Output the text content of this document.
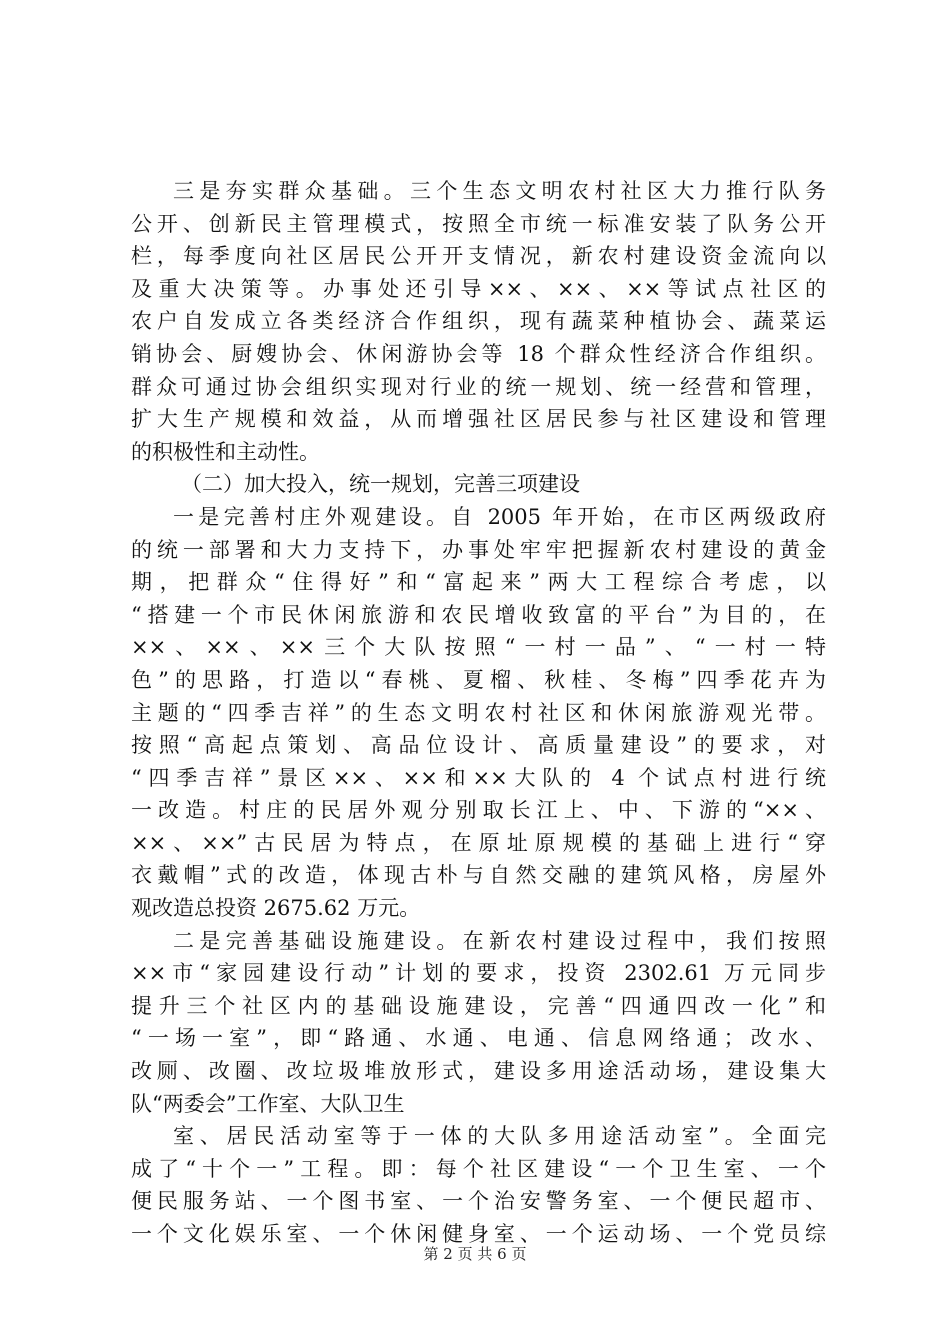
三是夯实群众基础。三个生态文明农村社区大力推行队务
公开、创新民主管理模式，按照全市统一标准安装了队务公开
栏，每季度向社区居民公开开支情况，新农村建设资金流向以
及重大决策等。办事处还引导××、××、××等试点社区的
农户自发成立各类经济合作组织，现有蔬菜种植协会、蔬菜运
销协会、厨嫂协会、休闲游协会等 18 个群众性经济合作组织。
群众可通过协会组织实现对行业的统一规划、统一经营和管理，
扩大生产规模和效益，从而增强社区居民参与社区建设和管理
的积极性和主动性。
（二）加大投入，统一规划，完善三项建设
一是完善村庄外观建设。自 2005 年开始，在市区两级政府
的统一部署和大力支持下，办事处牢牢把握新农村建设的黄金
期，把群众“住得好”和“富起来”两大工程综合考虑，以
“搭建一个市民休闲旅游和农民增收致富的平台”为目的，在
××、××、××三个大队按照“一村一品”、“一村一特
色”的思路，打造以“春桃、夏榴、秋桂、冬梅”四季花卉为
主题的“四季吉祥”的生态文明农村社区和休闲旅游观光带。
按照“高起点策划、高品位设计、高质量建设”的要求，对
“四季吉祥”景区××、××和××大队的 4 个试点村进行统
一改造。村庄的民居外观分别取长江上、中、下游的“××、
××、××”古民居为特点，在原址原规模的基础上进行“穿
衣戴帽”式的改造，体现古朴与自然交融的建筑风格，房屋外
观改造总投资 2675.62 万元。
二是完善基础设施建设。在新农村建设过程中，我们按照
××市“家园建设行动”计划的要求，投资 2302.61 万元同步
提升三个社区内的基础设施建设，完善“四通四改一化”和
“一场一室”，即“路通、水通、电通、信息网络通；改水、
改厕、改圈、改垃圾堆放形式，建设多用途活动场，建设集大
队“两委会”工作室、大队卫生
室、居民活动室等于一体的大队多用途活动室”。全面完
成了“十个一”工程。即：每个社区建设“一个卫生室、一个
便民服务站、一个图书室、一个治安警务室、一个便民超市、
一个文化娱乐室、一个休闲健身室、一个运动场、一个党员综
第 2 页 共 6 页
